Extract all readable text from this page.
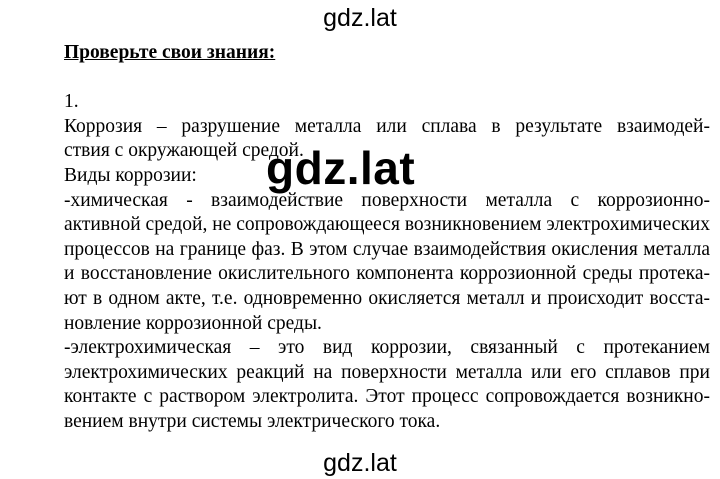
gdz.lat

Проверьте свои знания:

1.

Коррозия – разрушение металла или сплава в результате взаимодей-
ствия с окружающей средой.
Виды коррозии:
-химическая - взаимодействие поверхности металла с коррозионно-
активной средой, не сопровождающееся возникновением электрохимических
процессов на границе фаз. В этом случае взаимодействия окисления металла
и восстановление окислительного компонента коррозионной среды протека-
ют в одном акте, т.е. одновременно окисляется металл и происходит восста-
новление коррозионной среды.
-электрохимическая – это вид коррозии, связанный с протеканием
электрохимических реакций на поверхности металла или его сплавов при
контакте с раствором электролита. Этот процесс сопровождается возникно-
вением внутри системы электрического тока.
gdz.lat
gdz.lat
